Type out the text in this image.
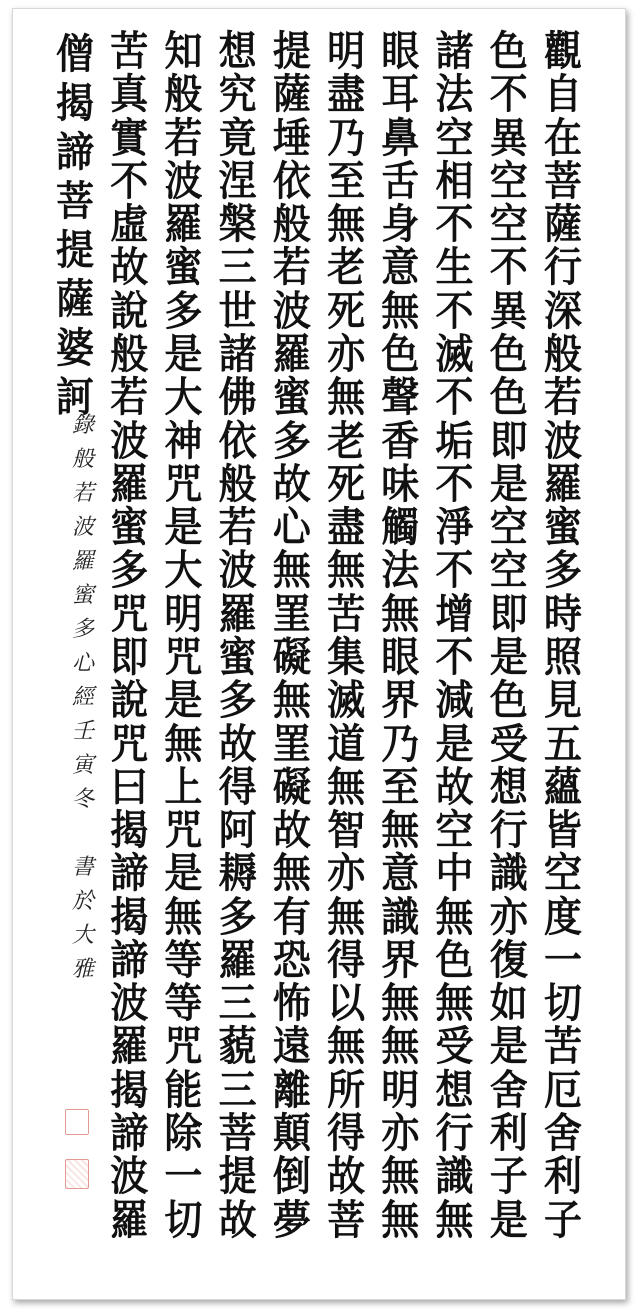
觀
自
在
菩
薩
行
深
般
若
波
羅
蜜
多
時
照
見
五
蘊
皆
空
度
一
切
苦
厄
舍
利
子
色
不
異
空
空
不
異
色
色
即
是
空
空
即
是
色
受
想
行
識
亦
復
如
是
舍
利
子
是
諸
法
空
相
不
生
不
滅
不
垢
不
淨
不
增
不
減
是
故
空
中
無
色
無
受
想
行
識
無
眼
耳
鼻
舌
身
意
無
色
聲
香
味
觸
法
無
眼
界
乃
至
無
意
識
界
無
無
明
亦
無
無
明
盡
乃
至
無
老
死
亦
無
老
死
盡
無
苦
集
滅
道
無
智
亦
無
得
以
無
所
得
故
菩
提
薩
埵
依
般
若
波
羅
蜜
多
故
心
無
罣
礙
無
罣
礙
故
無
有
恐
怖
遠
離
顛
倒
夢
想
究
竟
涅
槃
三
世
諸
佛
依
般
若
波
羅
蜜
多
故
得
阿
耨
多
羅
三
藐
三
菩
提
故
知
般
若
波
羅
蜜
多
是
大
神
咒
是
大
明
咒
是
無
上
咒
是
無
等
等
咒
能
除
一
切
苦
真
實
不
虛
故
說
般
若
波
羅
蜜
多
咒
即
說
咒
曰
揭
諦
揭
諦
波
羅
揭
諦
波
羅
僧
揭
諦
菩
提
薩
婆
訶
錄
般
若
波
羅
蜜
多
心
經
壬
寅
冬

書
於
大
雅
